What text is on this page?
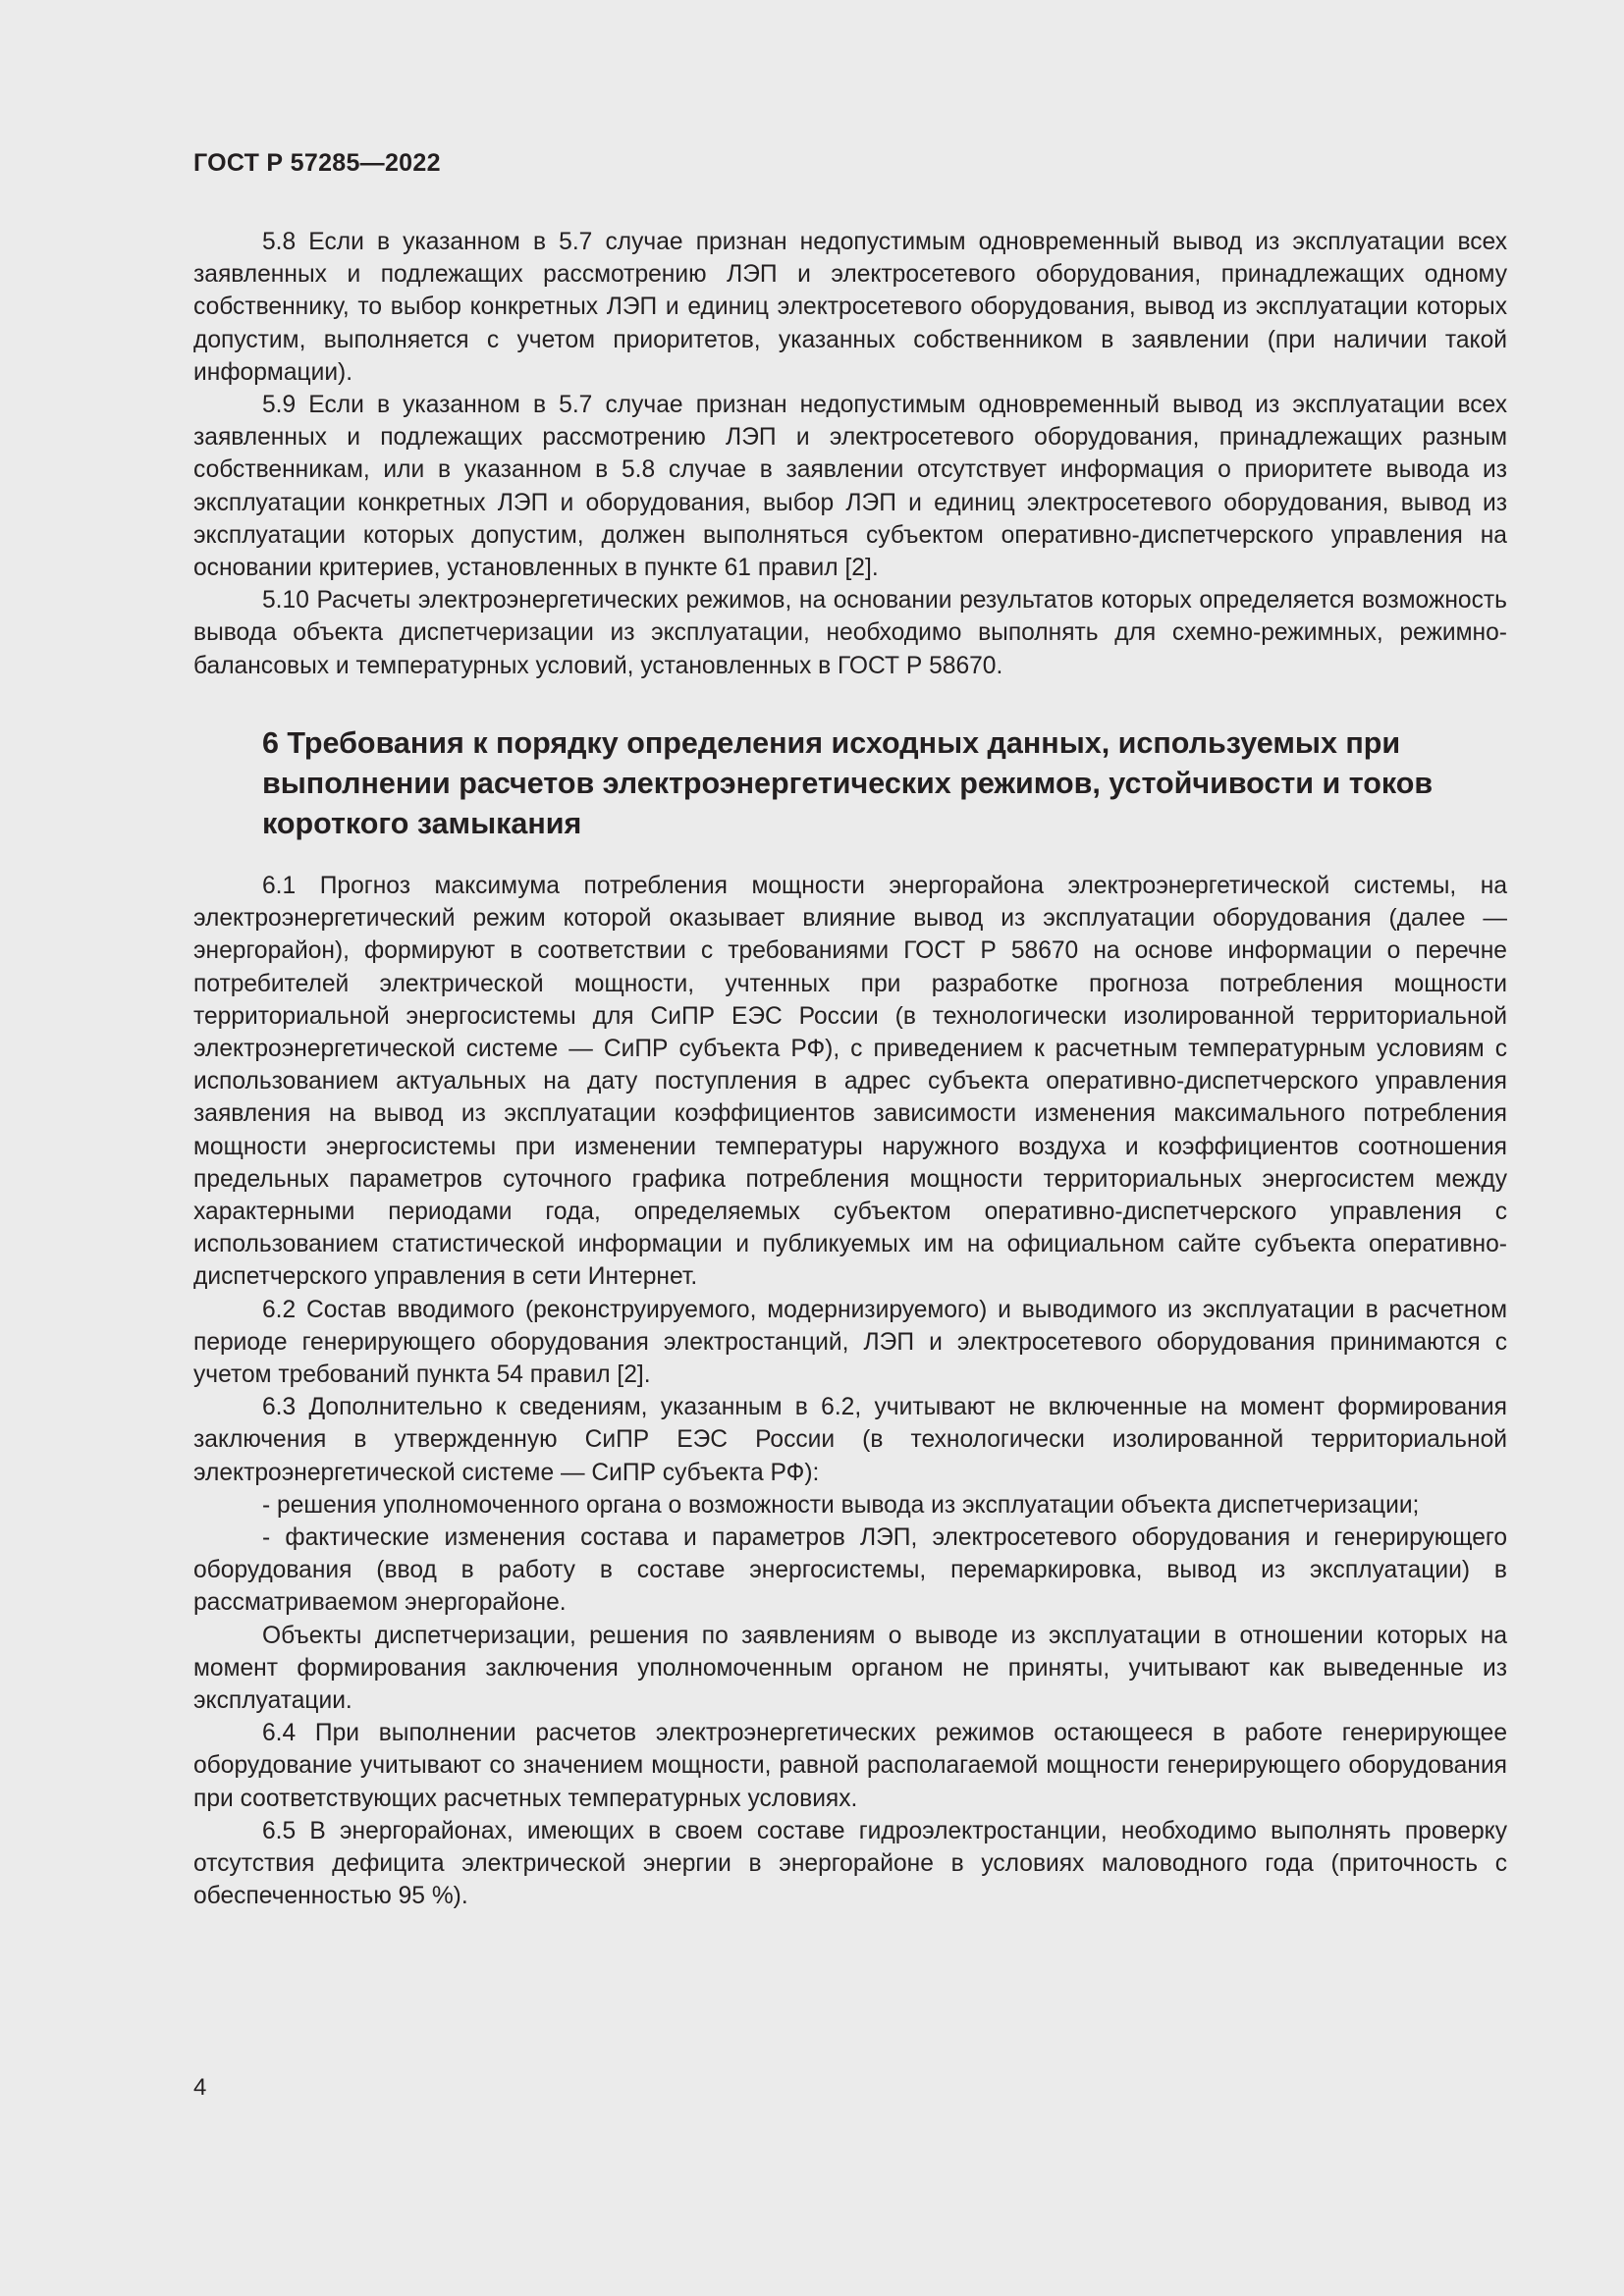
ГОСТ Р 57285—2022

5.8 Если в указанном в 5.7 случае признан недопустимым одновременный вывод из эксплуатации всех заявленных и подлежащих рассмотрению ЛЭП и электросетевого оборудования, принадлежащих одному собственнику, то выбор конкретных ЛЭП и единиц электросетевого оборудования, вывод из эксплуатации которых допустим, выполняется с учетом приоритетов, указанных собственником в заявлении (при наличии такой информации).

5.9 Если в указанном в 5.7 случае признан недопустимым одновременный вывод из эксплуатации всех заявленных и подлежащих рассмотрению ЛЭП и электросетевого оборудования, принадлежащих разным собственникам, или в указанном в 5.8 случае в заявлении отсутствует информация о приоритете вывода из эксплуатации конкретных ЛЭП и оборудования, выбор ЛЭП и единиц электросетевого оборудования, вывод из эксплуатации которых допустим, должен выполняться субъектом оперативно-диспетчерского управления на основании критериев, установленных в пункте 61 правил [2].

5.10 Расчеты электроэнергетических режимов, на основании результатов которых определяется возможность вывода объекта диспетчеризации из эксплуатации, необходимо выполнять для схемно-режимных, режимно-балансовых и температурных условий, установленных в ГОСТ Р 58670.

6 Требования к порядку определения исходных данных, используемых при выполнении расчетов электроэнергетических режимов, устойчивости и токов короткого замыкания

6.1 Прогноз максимума потребления мощности энергорайона электроэнергетической системы, на электроэнергетический режим которой оказывает влияние вывод из эксплуатации оборудования (далее — энергорайон), формируют в соответствии с требованиями ГОСТ Р 58670 на основе информации о перечне потребителей электрической мощности, учтенных при разработке прогноза потребления мощности территориальной энергосистемы для СиПР ЕЭС России (в технологически изолированной территориальной электроэнергетической системе — СиПР субъекта РФ), с приведением к расчетным температурным условиям с использованием актуальных на дату поступления в адрес субъекта оперативно-диспетчерского управления заявления на вывод из эксплуатации коэффициентов зависимости изменения максимального потребления мощности энергосистемы при изменении температуры наружного воздуха и коэффициентов соотношения предельных параметров суточного графика потребления мощности территориальных энергосистем между характерными периодами года, определяемых субъектом оперативно-диспетчерского управления с использованием статистической информации и публикуемых им на официальном сайте субъекта оперативно-диспетчерского управления в сети Интернет.

6.2 Состав вводимого (реконструируемого, модернизируемого) и выводимого из эксплуатации в расчетном периоде генерирующего оборудования электростанций, ЛЭП и электросетевого оборудования принимаются с учетом требований пункта 54 правил [2].

6.3 Дополнительно к сведениям, указанным в 6.2, учитывают не включенные на момент формирования заключения в утвержденную СиПР ЕЭС России (в технологически изолированной территориальной электроэнергетической системе — СиПР субъекта РФ):

- решения уполномоченного органа о возможности вывода из эксплуатации объекта диспетчеризации;

- фактические изменения состава и параметров ЛЭП, электросетевого оборудования и генерирующего оборудования (ввод в работу в составе энергосистемы, перемаркировка, вывод из эксплуатации) в рассматриваемом энергорайоне.

Объекты диспетчеризации, решения по заявлениям о выводе из эксплуатации в отношении которых на момент формирования заключения уполномоченным органом не приняты, учитывают как выведенные из эксплуатации.

6.4 При выполнении расчетов электроэнергетических режимов остающееся в работе генерирующее оборудование учитывают со значением мощности, равной располагаемой мощности генерирующего оборудования при соответствующих расчетных температурных условиях.

6.5 В энергорайонах, имеющих в своем составе гидроэлектростанции, необходимо выполнять проверку отсутствия дефицита электрической энергии в энергорайоне в условиях маловодного года (приточность с обеспеченностью 95 %).

4
